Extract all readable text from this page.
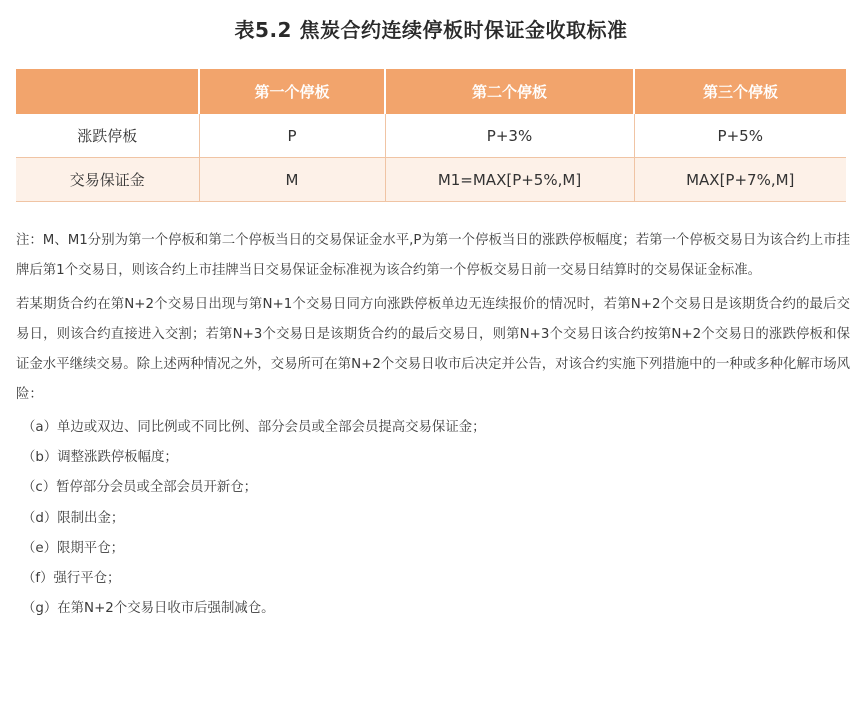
表5.2 焦炭合约连续停板时保证金收取标准
	第一个停板	第二个停板	第三个停板
涨跌停板	P	P+3%	P+5%
交易保证金	M	M1=MAX[P+5%,M]	MAX[P+7%,M]

注：M、M1分别为第一个停板和第二个停板当日的交易保证金水平,P为第一个停板当日的涨跌停板幅度；若第一个停板交易日为该合约上市挂牌后第1个交易日，则该合约上市挂牌当日交易保证金标准视为该合约第一个停板交易日前一交易日结算时的交易保证金标准。

若某期货合约在第N+2个交易日出现与第N+1个交易日同方向涨跌停板单边无连续报价的情况时，若第N+2个交易日是该期货合约的最后交易日，则该合约直接进入交割；若第N+3个交易日是该期货合约的最后交易日，则第N+3个交易日该合约按第N+2个交易日的涨跌停板和保证金水平继续交易。除上述两种情况之外，交易所可在第N+2个交易日收市后决定并公告，对该合约实施下列措施中的一种或多种化解市场风险：

（a）单边或双边、同比例或不同比例、部分会员或全部会员提高交易保证金；
（b）调整涨跌停板幅度；
（c）暂停部分会员或全部会员开新仓；
（d）限制出金；
（e）限期平仓；
（f）强行平仓；
（g）在第N+2个交易日收市后强制减仓。
